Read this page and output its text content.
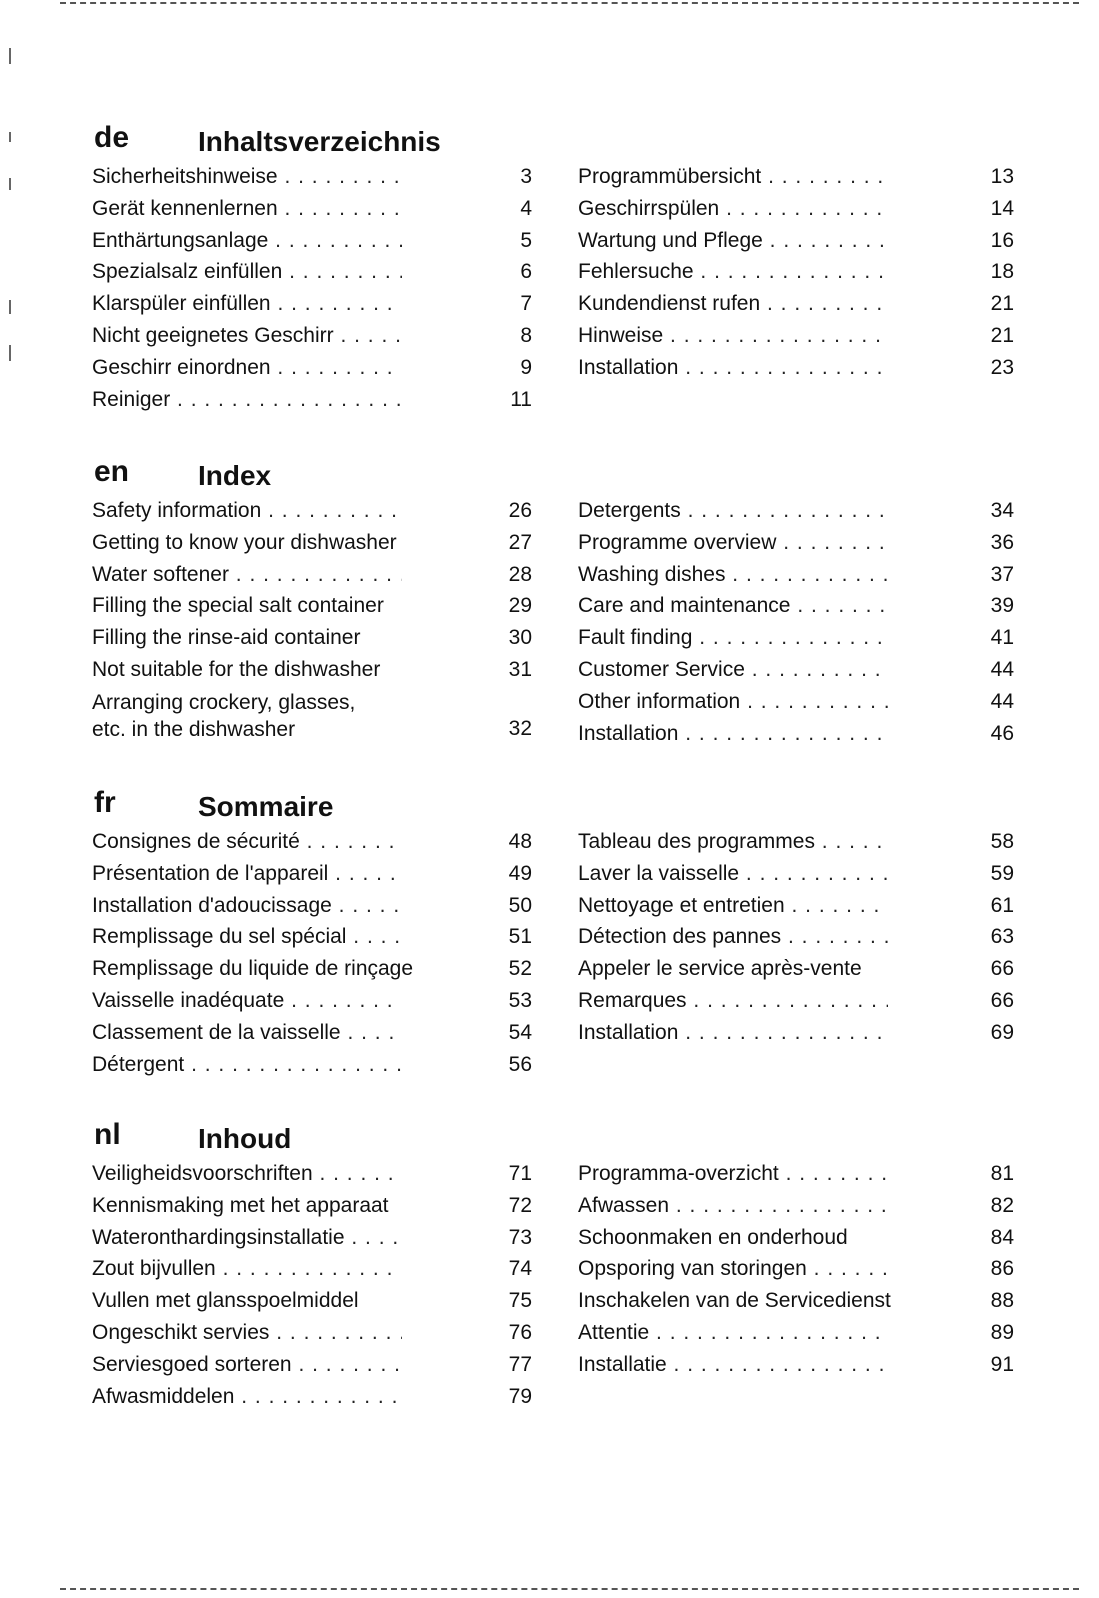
de Inhaltsverzeichnis
Sicherheitshinweise . . .	3
Gerät kennenlernen . . .	4
Enthärtungsanlage . . .	5
Spezialsalz einfüllen . . .	6
Klarspüler einfüllen . . .	7
Nicht geeignetes Geschirr . . .	8
Geschirr einordnen . . .	9
Reiniger . . .	11
Programmübersicht . . .	13
Geschirrspülen . . .	14
Wartung und Pflege . . .	16
Fehlersuche . . .	18
Kundendienst rufen . . .	21
Hinweise . . .	21
Installation . . .	23
en Index
Safety information . . .	26
Getting to know your dishwasher	27
Water softener . . .	28
Filling the special salt container	29
Filling the rinse-aid container	30
Not suitable for the dishwasher	31
Arranging crockery, glasses,
etc. in the dishwasher	32
Detergents . . .	34
Programme overview . . .	36
Washing dishes . . .	37
Care and maintenance . . .	39
Fault finding . . .	41
Customer Service . . .	44
Other information . . .	44
Installation . . .	46
fr	Sommaire
Consignes de sécurité . . .	48
Présentation de l'appareil . . .	49
Installation d'adoucissage . . .	50
Remplissage du sel spécial . . .	51
Remplissage du liquide de rinçage	52
Vaisselle inadéquate . . .	53
Classement de la vaisselle . . .	54
Détergent . . .	56
Tableau des programmes . . .	58
Laver la vaisselle . . .	59
Nettoyage et entretien . . .	61
Détection des pannes . . .	63
Appeler le service après-vente	66
Remarques . . .	66
Installation . . .	69
nl	Inhoud
Veiligheidsvoorschriften . . .	71
Kennismaking met het apparaat	72
Wateronthardingsinstallatie . . .	73
Zout bijvullen . . .	74
Vullen met glansspoelmiddel	75
Ongeschikt servies . . .	76
Serviesgoed sorteren . . .	77
Afwasmiddelen . . .	79
Programma-overzicht . . .	81
Afwassen . . .	82
Schoonmaken en onderhoud	84
Opsporing van storingen . . .	86
Inschakelen van de Servicedienst	88
Attentie . . .	89
Installatie . . .	91
